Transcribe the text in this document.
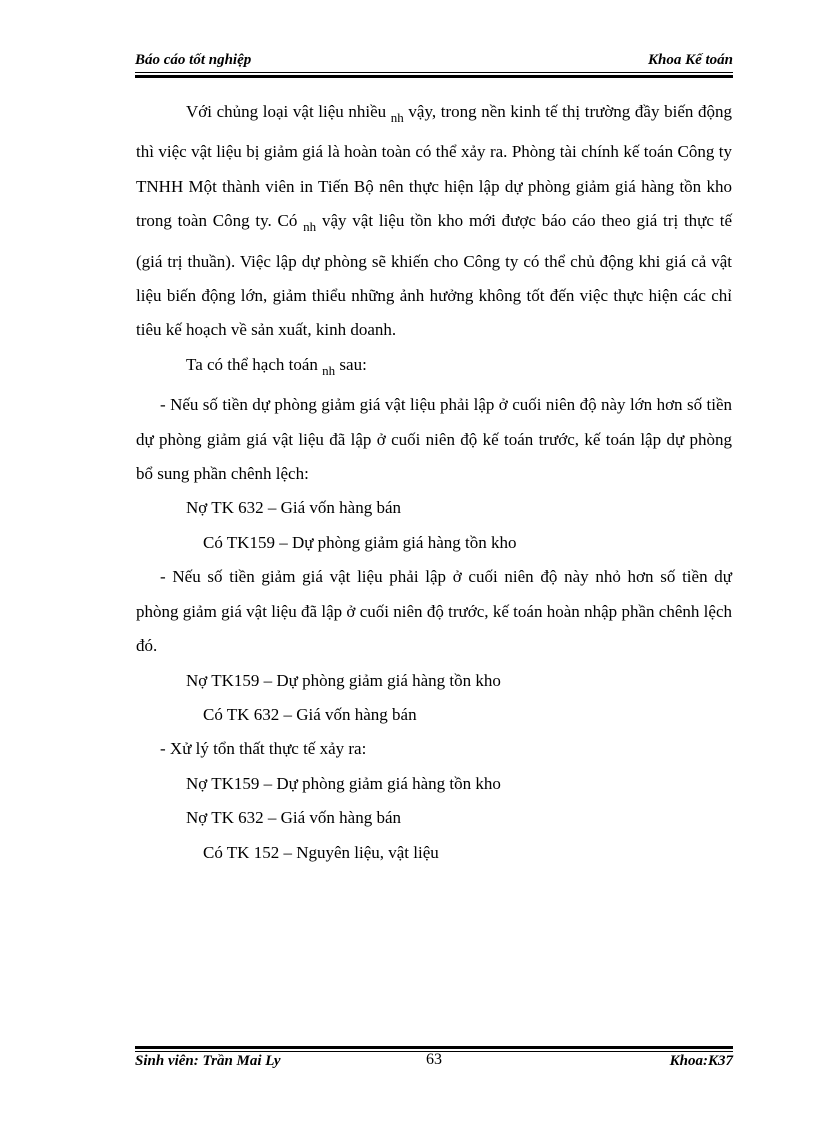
Báo cáo tốt nghiệp	Khoa Kế toán

Với chủng loại vật liệu nhiều $_{nh}$ vậy, trong nền kinh tế thị trường đầy biến động thì việc vật liệu bị giảm giá là hoàn toàn có thể xảy ra. Phòng tài chính kế toán Công ty TNHH Một thành viên in Tiến Bộ nên thực hiện lập dự phòng giảm giá hàng tồn kho trong toàn Công ty. Có $_{nh}$ vậy vật liệu tồn kho mới được báo cáo theo giá trị thực tế (giá trị thuần). Việc lập dự phòng sẽ khiến cho Công ty có thể chủ động khi giá cả vật liệu biến động lớn, giảm thiểu những ảnh hưởng không tốt đến việc thực hiện các chỉ tiêu kế hoạch về sản xuất, kinh doanh.

Ta có thể hạch toán $_{nh}$ sau:

- Nếu số tiền dự phòng giảm giá vật liệu phải lập ở cuối niên độ này lớn hơn số tiền dự phòng giảm giá vật liệu đã lập ở cuối niên độ kế toán trước, kế toán lập dự phòng bổ sung phần chênh lệch:

Nợ TK 632 – Giá vốn hàng bán

Có TK159 – Dự phòng giảm giá hàng tồn kho

- Nếu số tiền giảm giá vật liệu phải lập ở cuối niên độ này nhỏ hơn số tiền dự phòng giảm giá vật liệu đã lập ở cuối niên độ trước, kế toán hoàn nhập phần chênh lệch đó.

Nợ TK159 – Dự phòng giảm giá hàng tồn kho

Có TK 632 – Giá vốn hàng bán

- Xử lý tổn thất thực tế xảy ra:

Nợ TK159 – Dự phòng giảm giá hàng tồn kho

Nợ TK 632 – Giá vốn hàng bán

Có TK 152 – Nguyên liệu, vật liệu

Sinh viên: Trần Mai Ly	63	Khoa:K37
